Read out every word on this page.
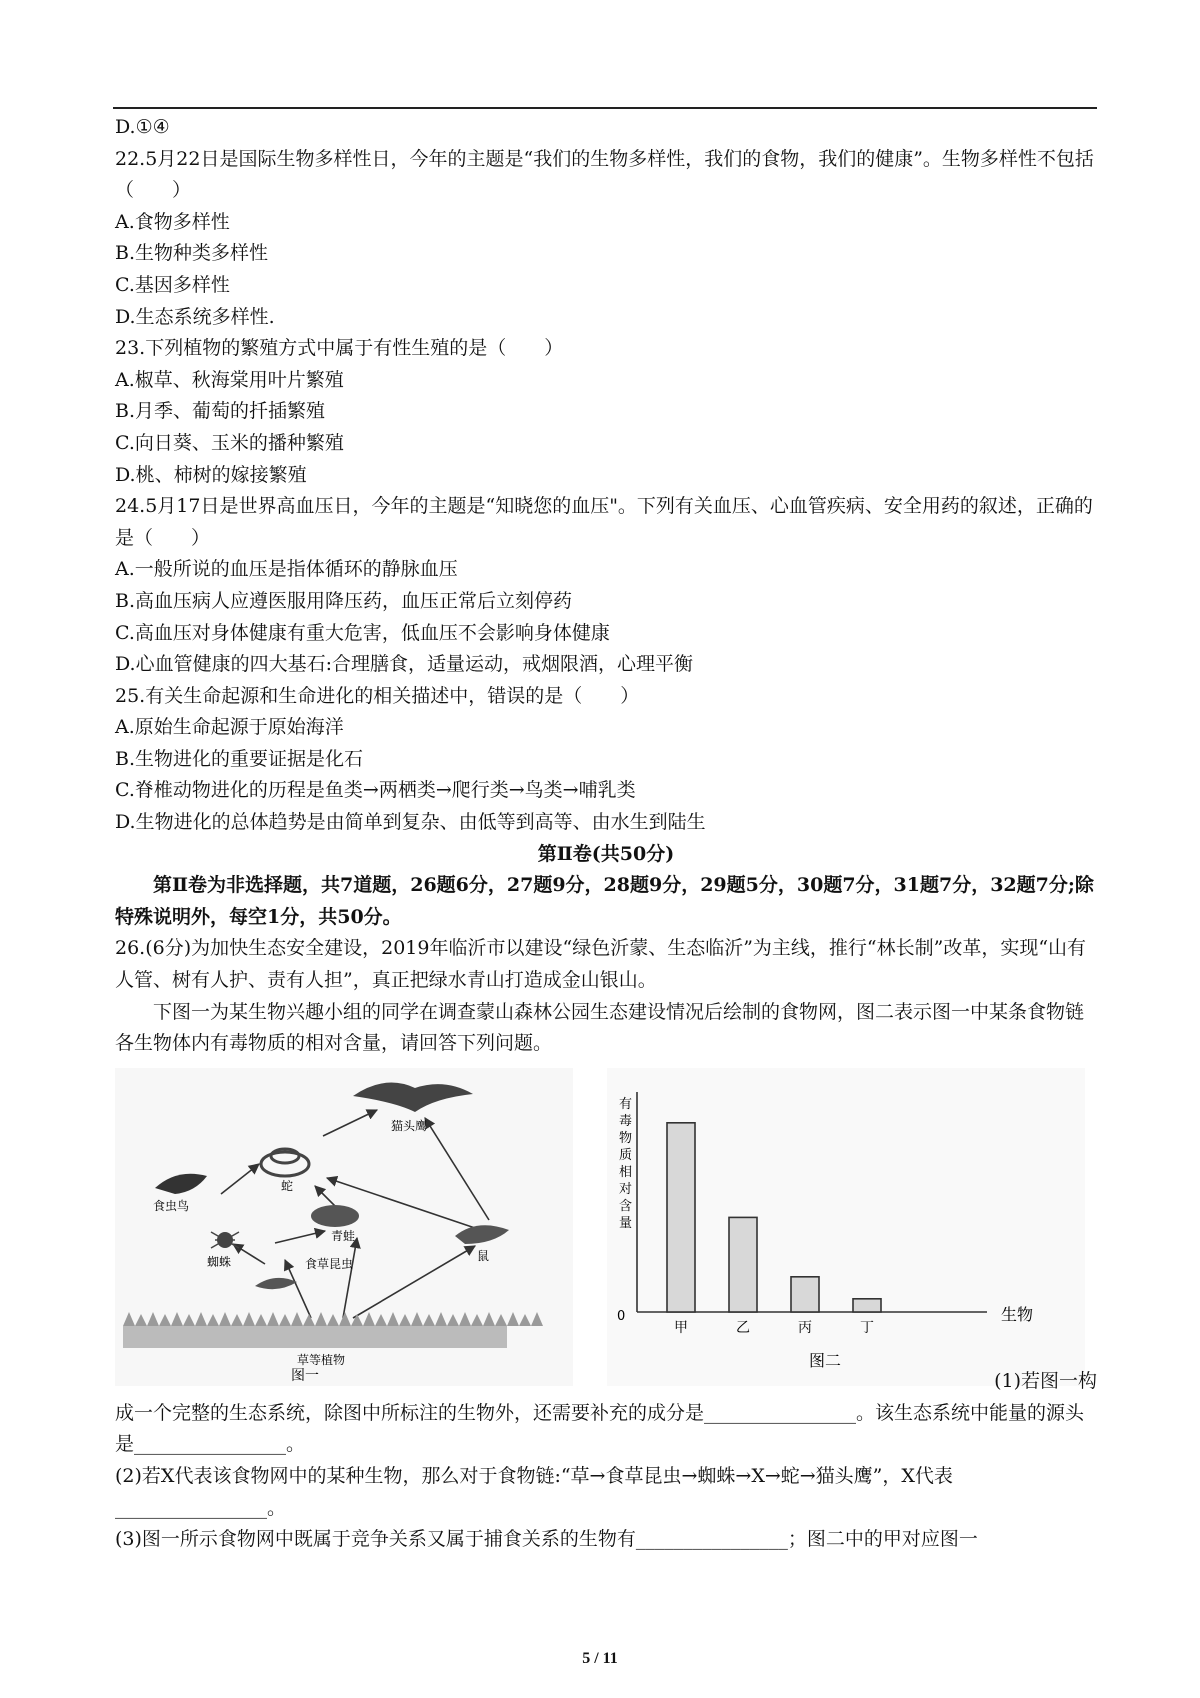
D.①④

22.5月22日是国际生物多样性日，今年的主题是“我们的生物多样性，我们的食物，我们的健康”。生物多样性不包括（　　）

A.食物多样性

B.生物种类多样性

C.基因多样性

D.生态系统多样性.

23.下列植物的繁殖方式中属于有性生殖的是（　　）

A.椒草、秋海棠用叶片繁殖

B.月季、葡萄的扦插繁殖

C.向日葵、玉米的播种繁殖

D.桃、柿树的嫁接繁殖

24.5月17日是世界高血压日，今年的主题是“知晓您的血压"。下列有关血压、心血管疾病、安全用药的叙述，正确的是（　　）

A.一般所说的血压是指体循环的静脉血压

B.高血压病人应遵医服用降压药，血压正常后立刻停药

C.高血压对身体健康有重大危害，低血压不会影响身体健康

D.心血管健康的四大基石:合理膳食，适量运动，戒烟限酒，心理平衡

25.有关生命起源和生命进化的相关描述中，错误的是（　　）

A.原始生命起源于原始海洋

B.生物进化的重要证据是化石

C.脊椎动物进化的历程是鱼类→两栖类→爬行类→鸟类→哺乳类

D.生物进化的总体趋势是由简单到复杂、由低等到高等、由水生到陆生

第Ⅱ卷(共50分)

第Ⅱ卷为非选择题，共7道题，26题6分，27题9分，28题9分，29题5分，30题7分，31题7分，32题7分;除特殊说明外，每空1分，共50分。

26.(6分)为加快生态安全建设，2019年临沂市以建设“绿色沂蒙、生态临沂”为主线，推行“林长制”改革，实现“山有人管、树有人护、责有人担”，真正把绿水青山打造成金山银山。

下图一为某生物兴趣小组的同学在调查蒙山森林公园生态建设情况后绘制的食物网，图二表示图一中某条食物链各生物体内有毒物质的相对含量，请回答下列问题。

猫头鹰
蛇
食虫鸟
青蛙
蜘蛛	食草昆虫
鼠
草等植物
图一
0
有
毒
物
质
相
对
含
量
甲	乙	丙	丁
生物
图二
(1)若图一构

成一个完整的生态系统，除图中所标注的生物外，还需要补充的成分是________________。该生态系统中能量的源头是________________。

(2)若X代表该食物网中的某种生物，那么对于食物链:“草→食草昆虫→蜘蛛→X→蛇→猫头鹰”，X代表________________。

(3)图一所示食物网中既属于竞争关系又属于捕食关系的生物有________________；图二中的甲对应图一

5 / 11
